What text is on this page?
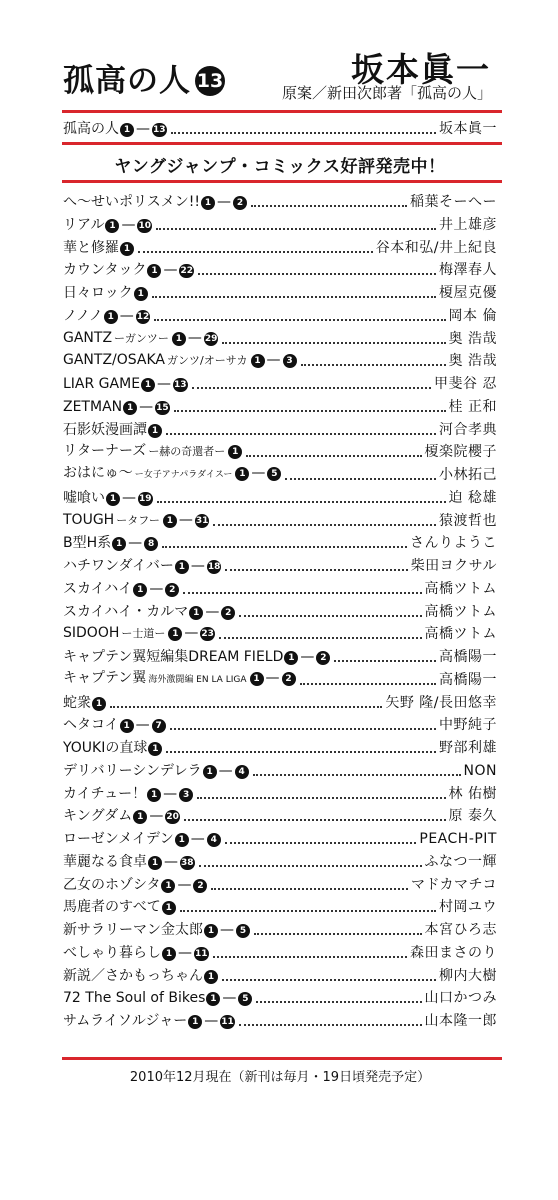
孤高の人 13	坂本眞一
原案／新田次郎著「孤高の人」
孤高の人 1 — 13	坂本眞一
ヤングジャンプ・コミックス好評発売中！
へ〜せいポリスメン!! 1 — 2	稲葉そーへー
リアル 1 — 10	井上雄彦
華と修羅 1	谷本和弘/井上紀良
カウンタック 1 — 22	梅澤春人
日々ロック 1	榎屋克優
ノノノ 1 — 12	岡本 倫
GANTZ ーガンツー 1 — 29	奥 浩哉
GANTZ/OSAKA ガンツ/オーサカ 1 — 3	奥 浩哉
LIAR GAME 1 — 13	甲斐谷 忍
ZETMAN 1 — 15	桂 正和
石影妖漫画譚 1	河合孝典
リターナーズ ー赫の奇還者ー 1	榎楽院櫻子
おはにゅ〜 ー女子アナパラダイスー 1 — 5	小林拓己
嘘喰い 1 — 19	迫 稔雄
TOUGH ータフー 1 — 31	猿渡哲也
B型H系 1 — 8	さんりようこ
ハチワンダイバー 1 — 18	柴田ヨクサル
スカイハイ 1 — 2	高橋ツトム
スカイハイ・カルマ 1 — 2	高橋ツトム
SIDOOH ー士道ー 1 — 23	高橋ツトム
キャプテン翼短編集DREAM FIELD 1 — 2	高橋陽一
キャプテン翼 海外激闘編 EN LA LIGA 1 — 2	高橋陽一
蛇衆 1	矢野 隆/長田悠幸
ヘタコイ 1 — 7	中野純子
YOUKIの直球 1	野部利雄
デリバリーシンデレラ 1 — 4	NON
カイチュー！ 1 — 3	林 佑樹
キングダム 1 — 20	原 泰久
ローゼンメイデン 1 — 4	PEACH-PIT
華麗なる食卓 1 — 38	ふなつ一輝
乙女のホゾシタ 1 — 2	マドカマチコ
馬鹿者のすべて 1	村岡ユウ
新サラリーマン金太郎 1 — 5	本宮ひろ志
べしゃり暮らし 1 — 11	森田まさのり
新説／さかもっちゃん 1	柳内大樹
72 The Soul of Bikes 1 — 5	山口かつみ
サムライソルジャー 1 — 11	山本隆一郎
2010年12月現在（新刊は毎月・19日頃発売予定）
